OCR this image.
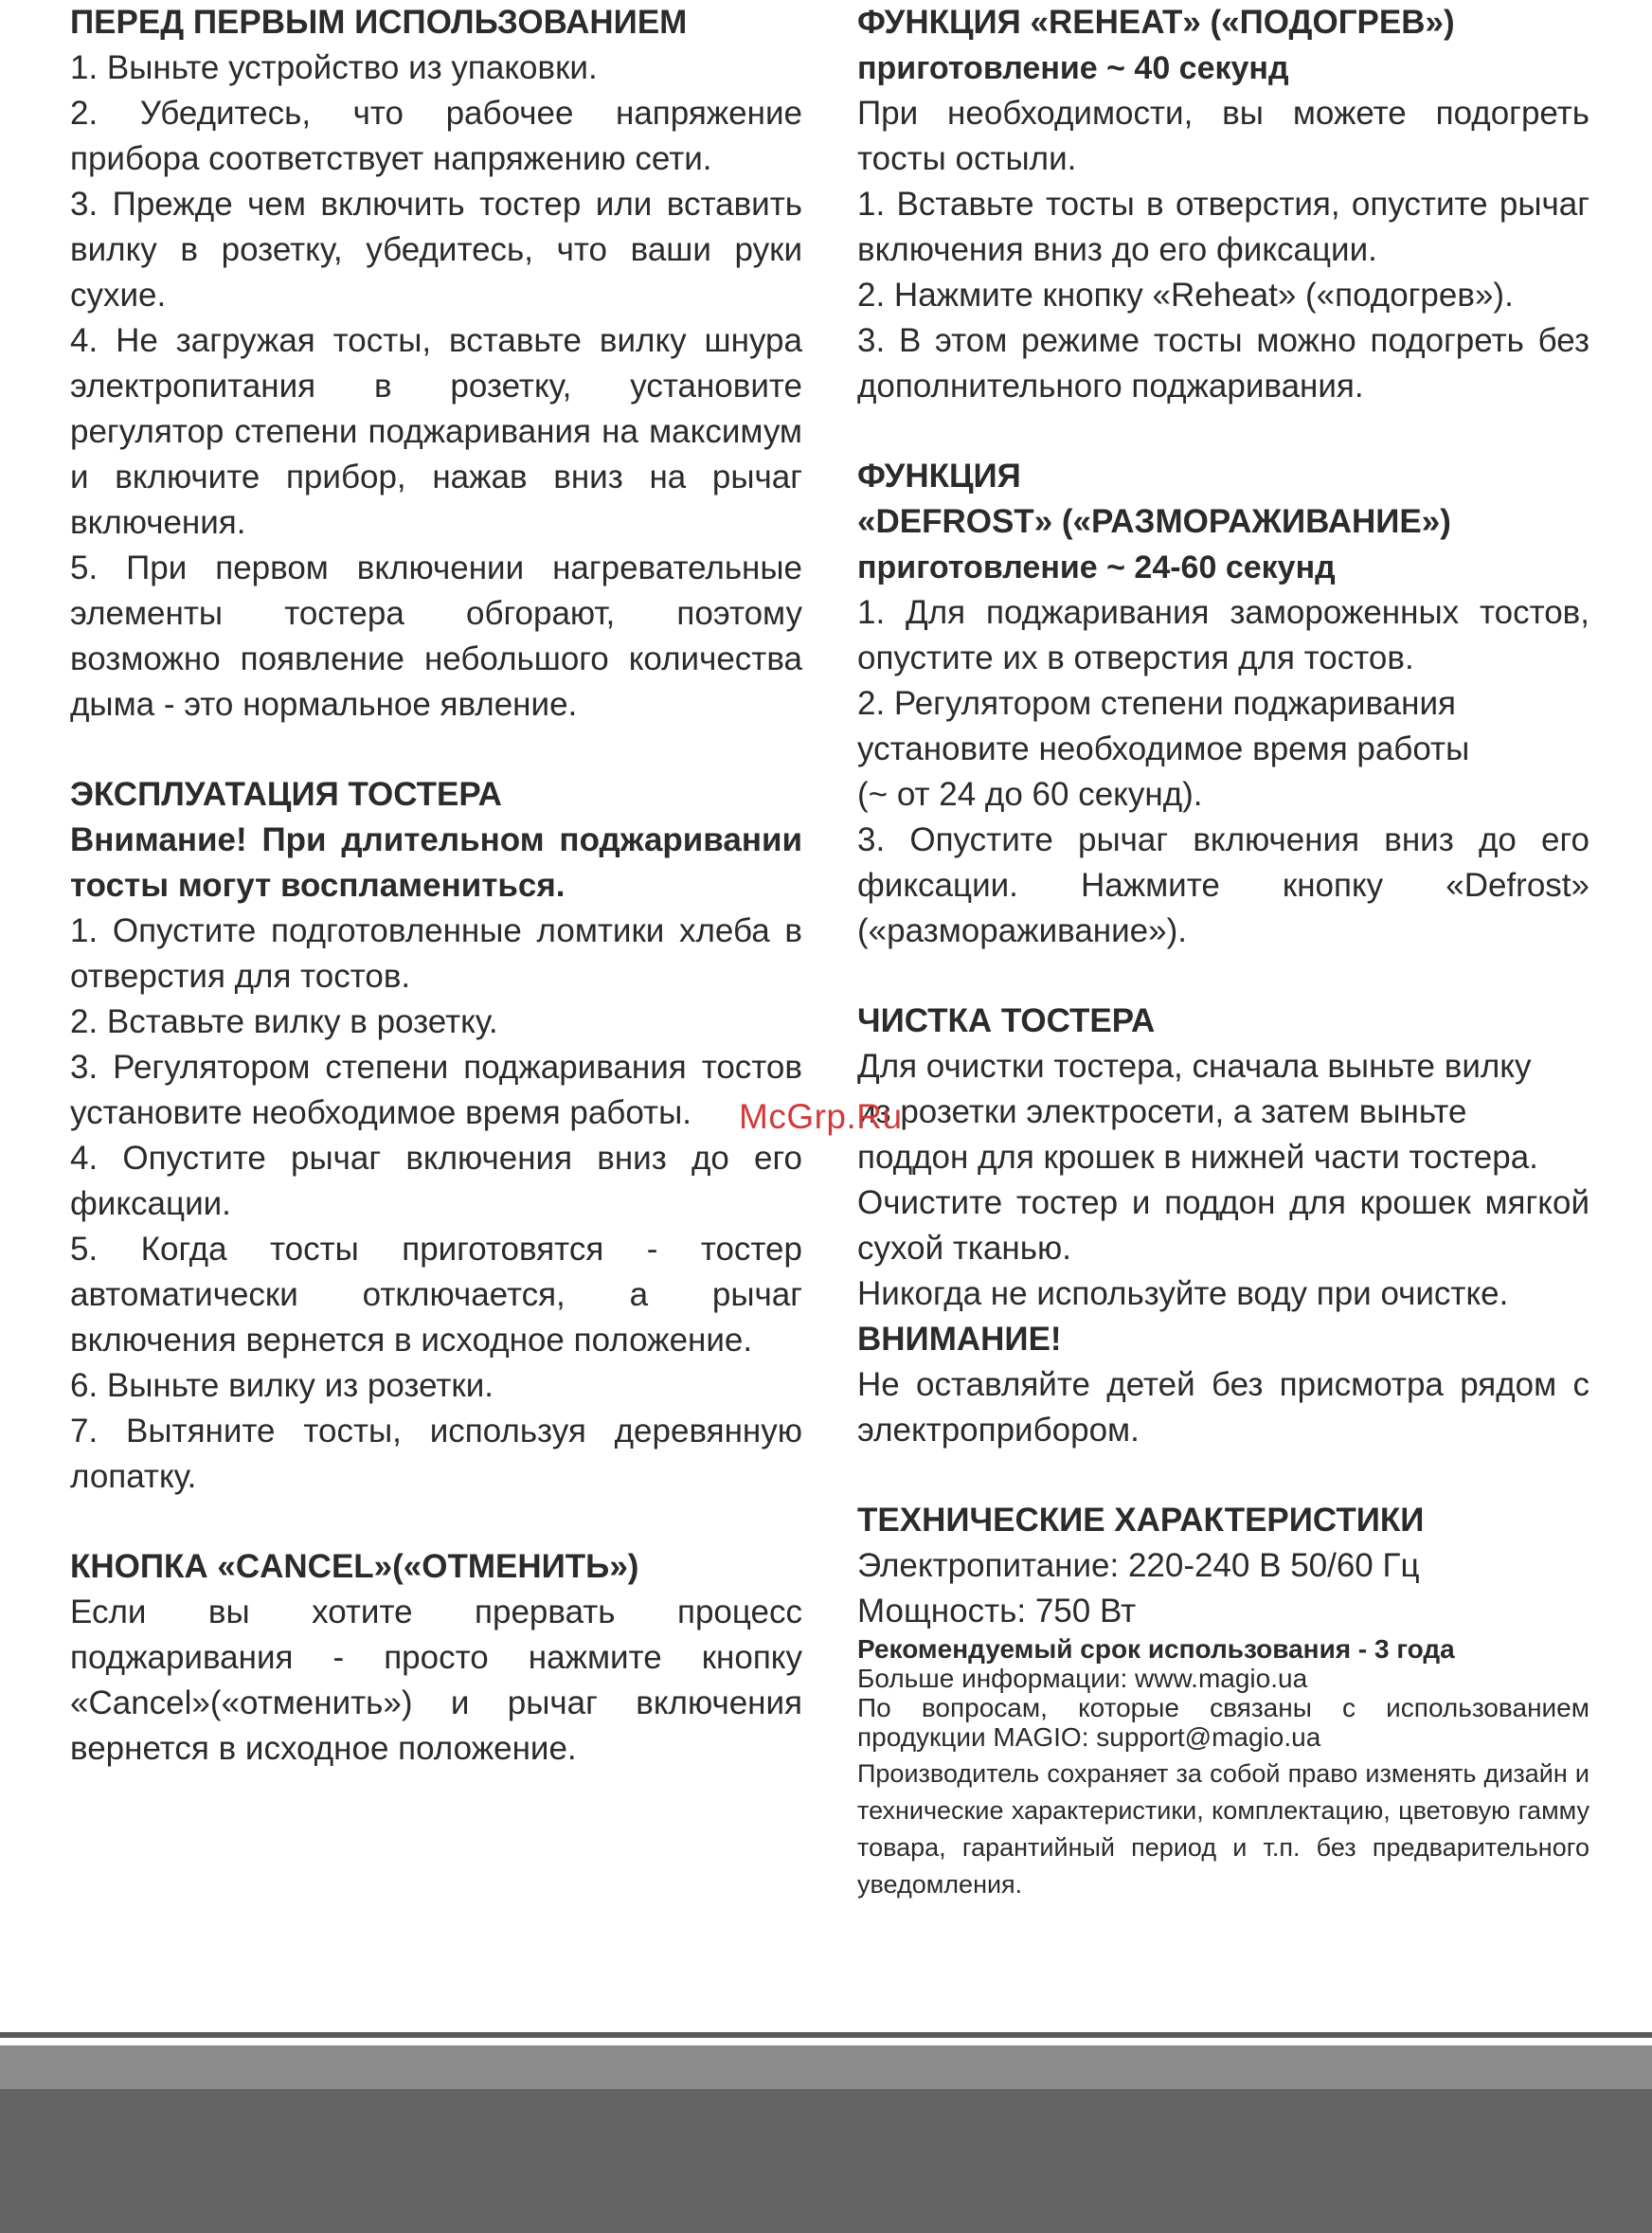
ПЕРЕД ПЕРВЫМ ИСПОЛЬЗОВАНИЕМ

1. Выньте устройство из упаковки.

2. Убедитесь, что рабочее напряжение прибора соответствует напряжению сети.

3. Прежде чем включить тостер или вставить вилку в розетку, убедитесь, что ваши руки сухие.

4. Не загружая тосты, вставьте вилку шнура электропитания в розетку, установите регулятор степени поджаривания на максимум и включите прибор, нажав вниз на рычаг включения.

5. При первом включении нагревательные элементы тостера обгорают, поэтому возможно появление небольшого количества дыма - это нормальное явление.

ЭКСПЛУАТАЦИЯ ТОСТЕРА

Внимание! При длительном поджаривании тосты могут воспламениться.

1. Опустите подготовленные ломтики хлеба в отверстия для тостов.

2. Вставьте вилку в розетку.

3. Регулятором степени поджаривания тостов установите необходимое время работы.

4. Опустите рычаг включения вниз до его фиксации.

5. Когда тосты приготовятся - тостер автоматически отключается, а рычаг включения вернется в исходное положение.

6. Выньте вилку из розетки.

7. Вытяните тосты, используя деревянную лопатку.

КНОПКА «CANCEL»(«ОТМЕНИТЬ»)

Если вы хотите прервать процесс поджаривания - просто нажмите кнопку «Cancel»(«отменить») и рычаг включения вернется в исходное положение.

ФУНКЦИЯ «REHEAT» («ПОДОГРЕВ»)

приготовление ~ 40 секунд

При необходимости, вы можете подогреть тосты остыли.

1. Вставьте тосты в отверстия, опустите рычаг включения вниз до его фиксации.

2. Нажмите кнопку «Reheat» («подогрев»).

3. В этом режиме тосты можно подогреть без дополнительного поджаривания.

ФУНКЦИЯ
«DEFROST» («РАЗМОРАЖИВАНИЕ»)

приготовление ~ 24-60 секунд

1. Для поджаривания замороженных тостов, опустите их в отверстия для тостов.

2. Регулятором степени поджаривания

установите необходимое время работы

(~ от 24 до 60 секунд).

3. Опустите рычаг включения вниз до его фиксации. Нажмите кнопку «Defrost» («размораживание»).

ЧИСТКА ТОСТЕРА

Для очистки тостера, сначала выньте вилку

из розетки электросети, а затем выньте

поддон для крошек в нижней части тостера.

Очистите тостер и поддон для крошек мягкой сухой тканью.

Никогда не используйте воду при очистке.

ВНИМАНИЕ!

Не оставляйте детей без присмотра рядом с электроприбором.

ТЕХНИЧЕСКИЕ ХАРАКТЕРИСТИКИ

Электропитание: 220-240 В 50/60 Гц

Мощность: 750 Вт

Рекомендуемый срок использования - 3 года

Больше информации: www.magio.ua

По вопросам, которые связаны с использованием продукции MAGIO: support@magio.ua

Производитель сохраняет за собой право изменять дизайн и технические характеристики, комплектацию, цветовую гамму товара, гарантийный период и т.п. без предварительного уведомления.

McGrp.Ru
